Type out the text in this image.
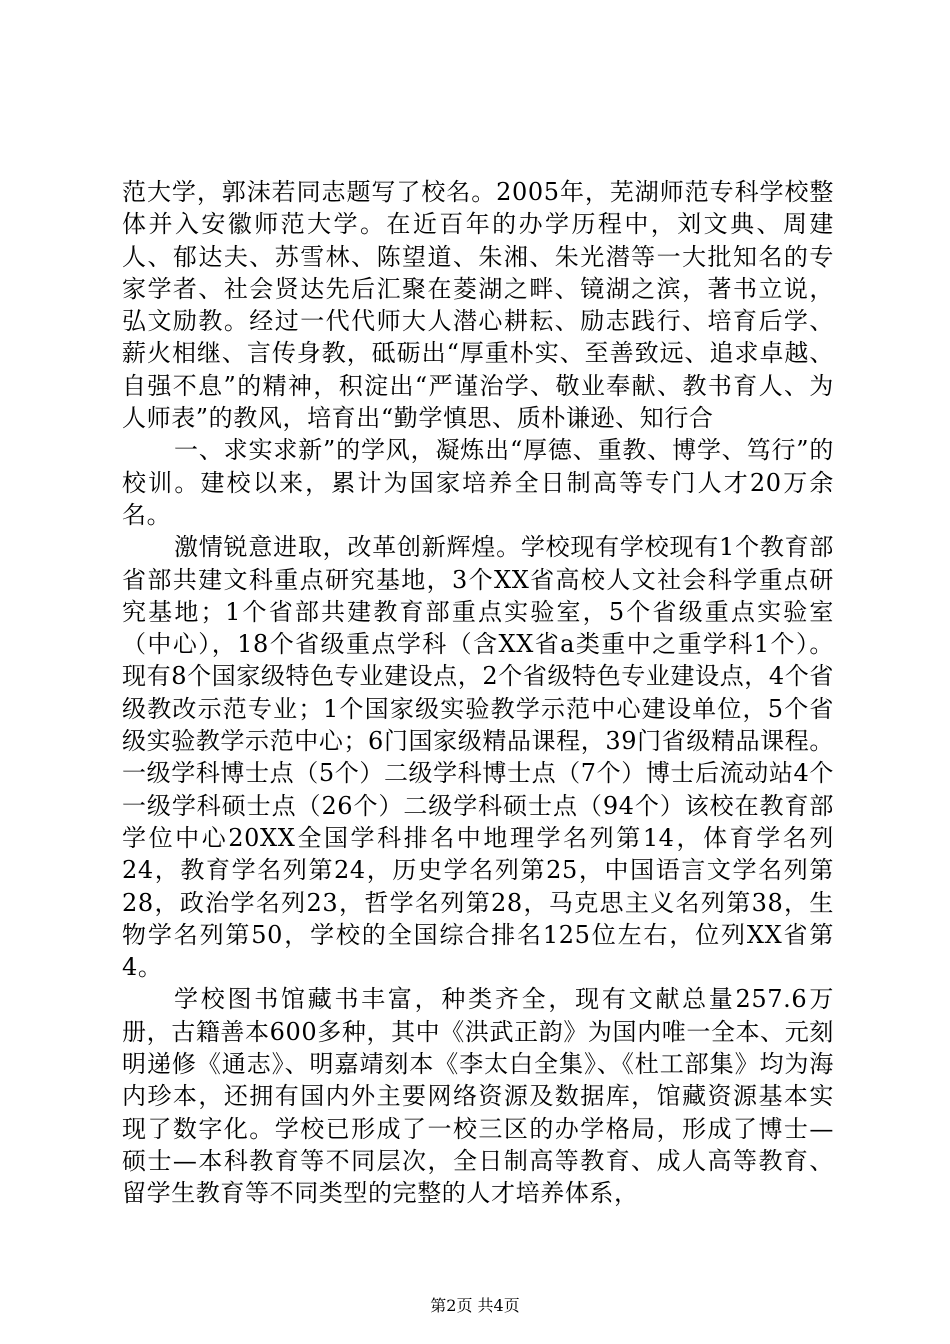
范大学，郭沫若同志题写了校名。2005年，芜湖师范专科学校整体并入安徽师范大学。在近百年的办学历程中，刘文典、周建人、郁达夫、苏雪林、陈望道、朱湘、朱光潜等一大批知名的专家学者、社会贤达先后汇聚在菱湖之畔、镜湖之滨，著书立说，弘文励教。经过一代代师大人潜心耕耘、励志践行、培育后学、薪火相继、言传身教，砥砺出“厚重朴实、至善致远、追求卓越、自强不息”的精神，积淀出“严谨治学、敬业奉献、教书育人、为人师表”的教风，培育出“勤学慎思、质朴谦逊、知行合

一、求实求新”的学风，凝炼出“厚德、重教、博学、笃行”的校训。建校以来，累计为国家培养全日制高等专门人才20万余名。

激情锐意进取，改革创新辉煌。学校现有学校现有1个教育部省部共建文科重点研究基地，3个XX省高校人文社会科学重点研究基地；1个省部共建教育部重点实验室，5个省级重点实验室（中心），18个省级重点学科（含XX省a类重中之重学科1个）。现有8个国家级特色专业建设点，2个省级特色专业建设点，4个省级教改示范专业；1个国家级实验教学示范中心建设单位，5个省级实验教学示范中心；6门国家级精品课程，39门省级精品课程。一级学科博士点（5个）二级学科博士点（7个）博士后流动站4个一级学科硕士点（26个）二级学科硕士点（94个）该校在教育部学位中心20XX全国学科排名中地理学名列第14，体育学名列24，教育学名列第24，历史学名列第25，中国语言文学名列第28，政治学名列23，哲学名列第28，马克思主义名列第38，生物学名列第50，学校的全国综合排名125位左右，位列XX省第4。

学校图书馆藏书丰富，种类齐全，现有文献总量257.6万册，古籍善本600多种，其中《洪武正韵》为国内唯一全本、元刻明递修《通志》、明嘉靖刻本《李太白全集》、《杜工部集》均为海内珍本，还拥有国内外主要网络资源及数据库，馆藏资源基本实现了数字化。学校已形成了一校三区的办学格局，形成了博士—硕士—本科教育等不同层次，全日制高等教育、成人高等教育、留学生教育等不同类型的完整的人才培养体系，

第2页 共4页
